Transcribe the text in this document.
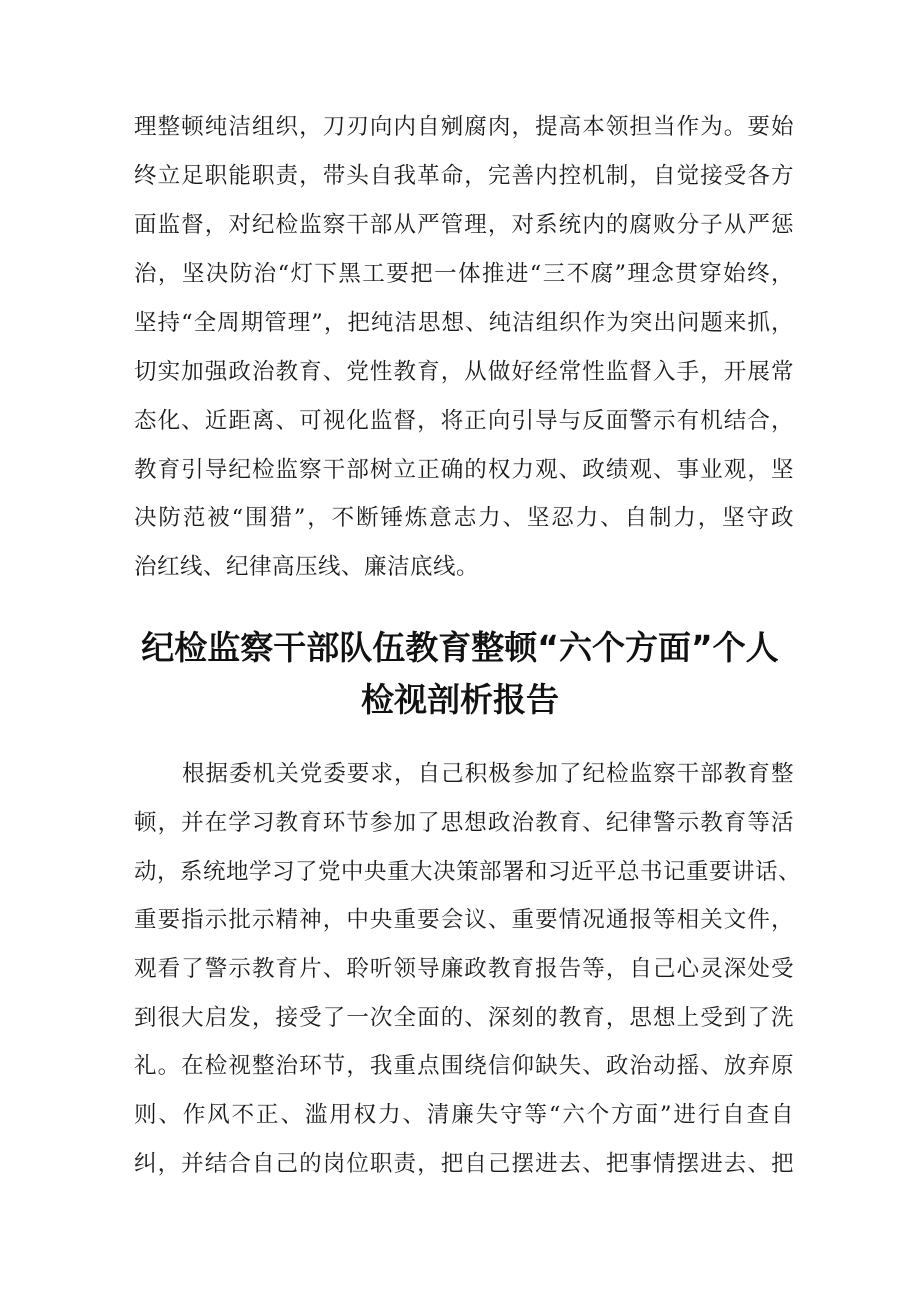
理整顿纯洁组织，刀刃向内自剜腐肉，提高本领担当作为。要始
终立足职能职责，带头自我革命，完善内控机制，自觉接受各方
面监督，对纪检监察干部从严管理，对系统内的腐败分子从严惩
治，坚决防治“灯下黑工要把一体推进“三不腐”理念贯穿始终，
坚持“全周期管理”，把纯洁思想、纯洁组织作为突出问题来抓，
切实加强政治教育、党性教育，从做好经常性监督入手，开展常
态化、近距离、可视化监督，将正向引导与反面警示有机结合，
教育引导纪检监察干部树立正确的权力观、政绩观、事业观，坚
决防范被“围猎”，不断锤炼意志力、坚忍力、自制力，坚守政
治红线、纪律高压线、廉洁底线。
纪检监察干部队伍教育整顿“六个方面”个人
检视剖析报告
根据委机关党委要求，自己积极参加了纪检监察干部教育整
顿，并在学习教育环节参加了思想政治教育、纪律警示教育等活
动，系统地学习了党中央重大决策部署和习近平总书记重要讲话、
重要指示批示精神，中央重要会议、重要情况通报等相关文件，
观看了警示教育片、聆听领导廉政教育报告等，自己心灵深处受
到很大启发，接受了一次全面的、深刻的教育，思想上受到了洗
礼。在检视整治环节，我重点围绕信仰缺失、政治动摇、放弃原
则、作风不正、滥用权力、清廉失守等“六个方面”进行自查自
纠，并结合自己的岗位职责，把自己摆进去、把事情摆进去、把
